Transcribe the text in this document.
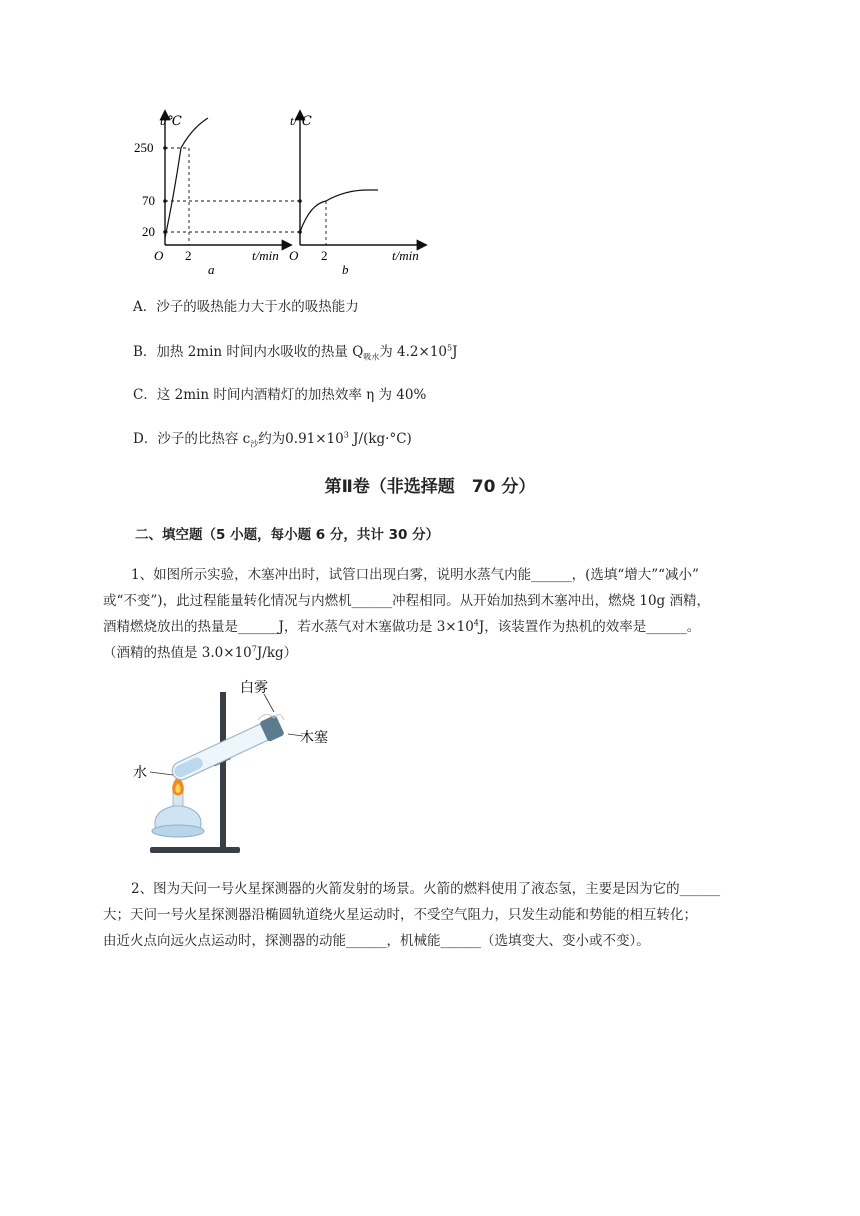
t/℃
250
70
20
O 2	t/min
a
t/℃
O 2	t/min
b
A．沙子的吸热能力大于水的吸热能力
B．加热 2min 时间内水吸收的热量 $Q_{吸水}$为 $4.2\times 10^5J$
C．这 2min 时间内酒精灯的加热效率 η 为 40%
D．沙子的比热容 $c_沙$约为$0.91\times 10^3$ J/(kg·°C)
第Ⅱ卷（非选择题　70 分）
二、填空题（5 小题，每小题 6 分，共计 30 分）
1、如图所示实验，木塞冲出时，试管口出现白雾，说明水蒸气内能______，(选填“增大”“减小”
或“不变”)，此过程能量转化情况与内燃机______冲程相同。从开始加热到木塞冲出，燃烧 10g 酒精，
酒精燃烧放出的热量是______J，若水蒸气对木塞做功是 $3\times 10^4J$，该装置作为热机的效率是______。
（酒精的热值是 $3.0\times 10^7J/kg$）
白雾
木塞
水
2、图为天问一号火星探测器的火箭发射的场景。火箭的燃料使用了液态氢，主要是因为它的______
大；天问一号火星探测器沿椭圆轨道绕火星运动时，不受空气阻力，只发生动能和势能的相互转化；
由近火点向远火点运动时，探测器的动能______，机械能______（选填变大、变小或不变）。
